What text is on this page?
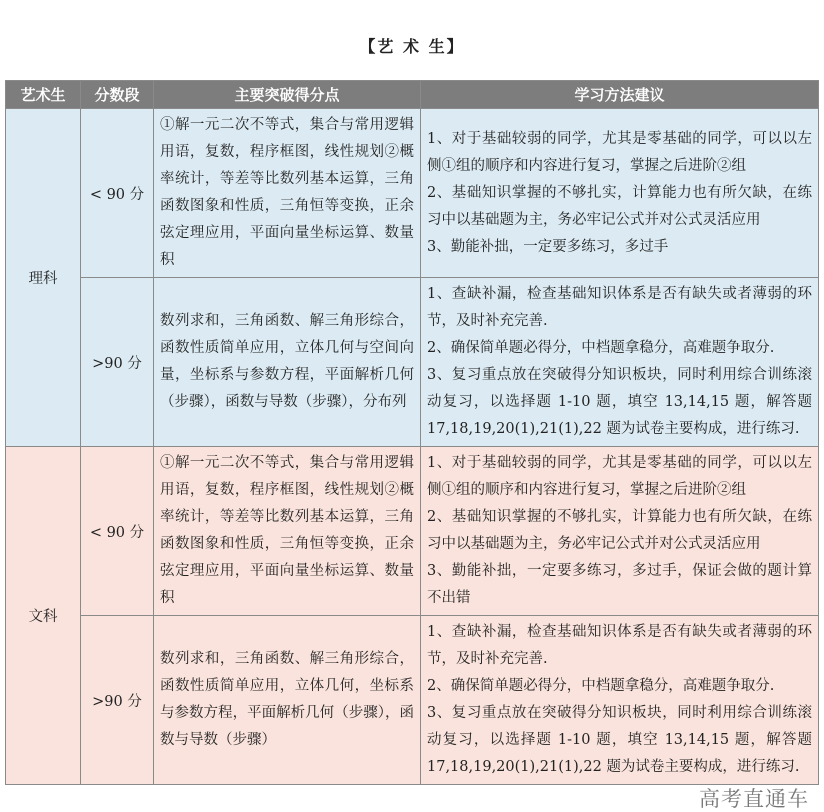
【艺 术 生】
艺术生	分数段	主要突破得分点	学习方法建议
理科	< 90 分	①解一元二次不等式，集合与常用逻辑用语，复数，程序框图，线性规划②概率统计，等差等比数列基本运算，三角函数图象和性质，三角恒等变换，正余弦定理应用，平面向量坐标运算、数量积	1、对于基础较弱的同学，尤其是零基础的同学，可以以左侧①组的顺序和内容进行复习，掌握之后进阶②组
2、基础知识掌握的不够扎实，计算能力也有所欠缺，在练习中以基础题为主，务必牢记公式并对公式灵活应用
3、勤能补拙，一定要多练习，多过手

	>90 分	数列求和，三角函数、解三角形综合，函数性质简单应用，立体几何与空间向量，坐标系与参数方程，平面解析几何（步骤），函数与导数（步骤），分布列	1、查缺补漏，检查基础知识体系是否有缺失或者薄弱的环节，及时补充完善.
2、确保简单题必得分，中档题拿稳分，高难题争取分.
3、复习重点放在突破得分知识板块，同时利用综合训练滚动复习，以选择题 1-10 题，填空 13,14,15 题，解答题 17,18,19,20(1),21(1),22 题为试卷主要构成，进行练习.

文科	< 90 分	①解一元二次不等式，集合与常用逻辑用语，复数，程序框图，线性规划②概率统计，等差等比数列基本运算，三角函数图象和性质，三角恒等变换，正余弦定理应用，平面向量坐标运算、数量积	1、对于基础较弱的同学，尤其是零基础的同学，可以以左侧①组的顺序和内容进行复习，掌握之后进阶②组
2、基础知识掌握的不够扎实，计算能力也有所欠缺，在练习中以基础题为主，务必牢记公式并对公式灵活应用
3、勤能补拙，一定要多练习，多过手，保证会做的题计算不出错

	>90 分	数列求和，三角函数、解三角形综合，函数性质简单应用，立体几何，坐标系与参数方程，平面解析几何（步骤），函数与导数（步骤）	1、查缺补漏，检查基础知识体系是否有缺失或者薄弱的环节，及时补充完善.
2、确保简单题必得分，中档题拿稳分，高难题争取分.
3、复习重点放在突破得分知识板块，同时利用综合训练滚动复习，以选择题 1-10 题，填空 13,14,15 题，解答题 17,18,19,20(1),21(1),22 题为试卷主要构成，进行练习.
高考直通车
